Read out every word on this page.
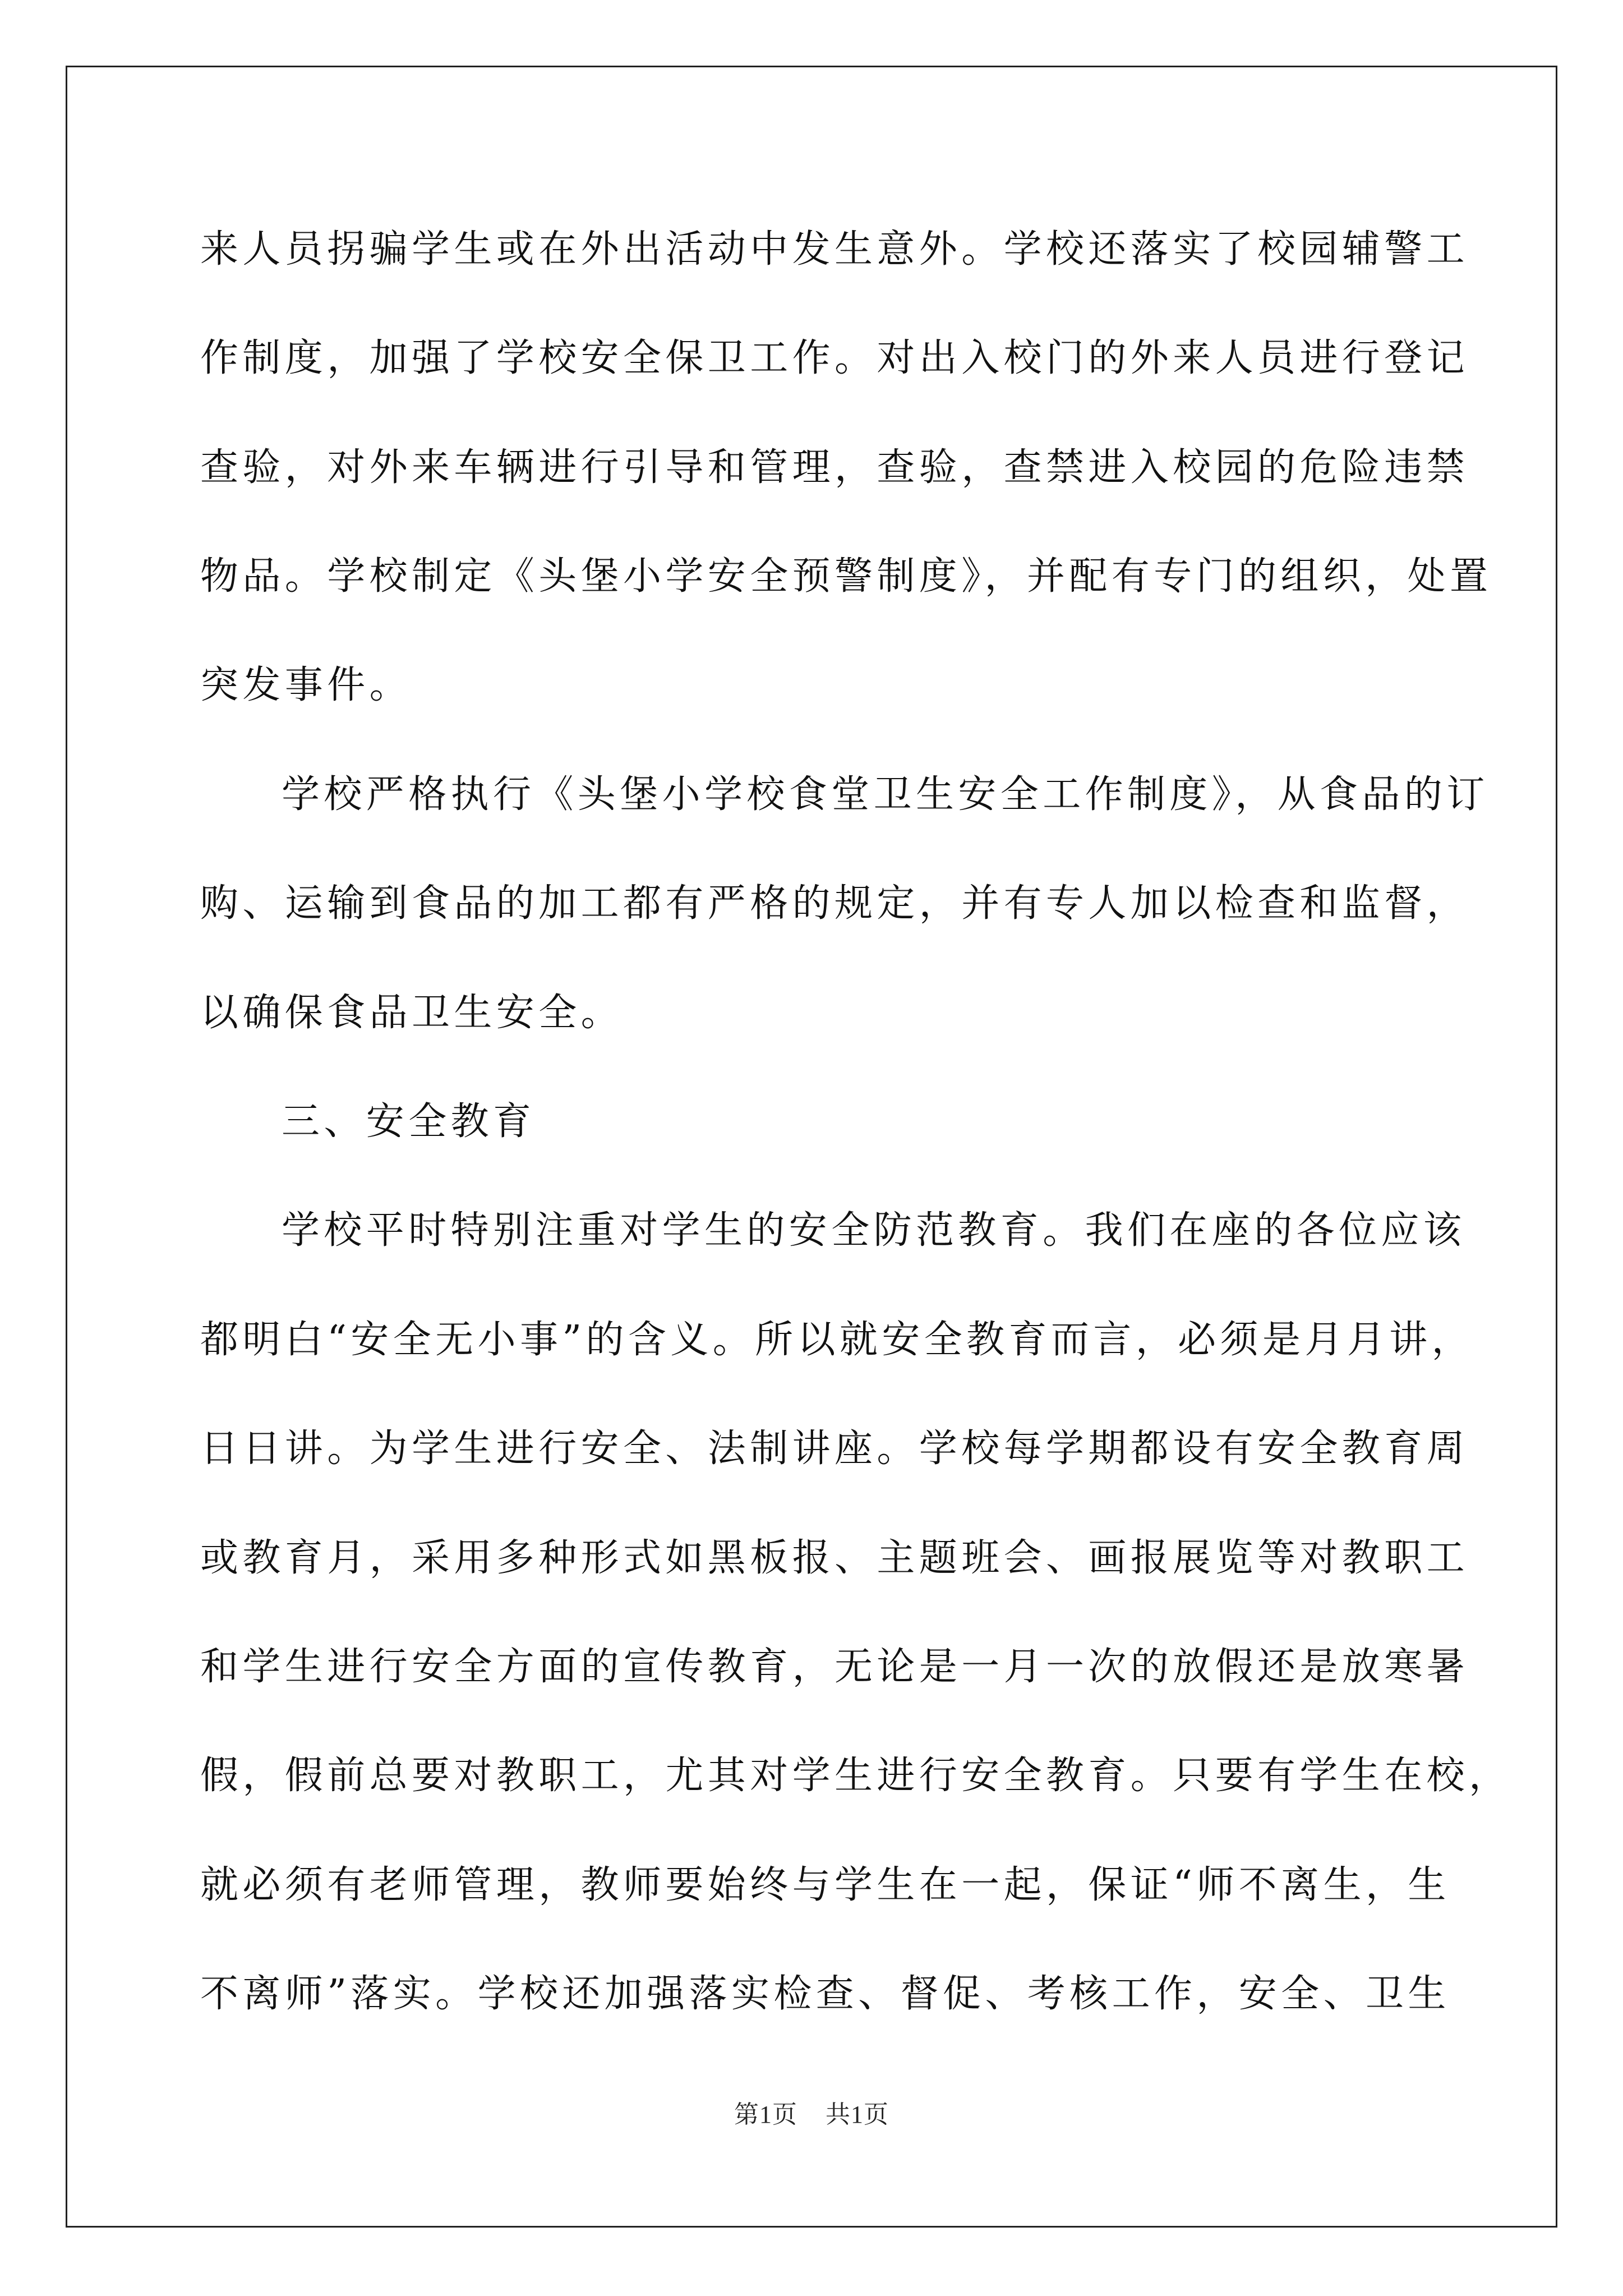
来人员拐骗学生或在外出活动中发生意外。学校还落实了校园辅警工
作制度，加强了学校安全保卫工作。对出入校门的外来人员进行登记
查验，对外来车辆进行引导和管理，查验，查禁进入校园的危险违禁
物品。学校制定《头堡小学安全预警制度》，并配有专门的组织，处置
突发事件。
学校严格执行《头堡小学校食堂卫生安全工作制度》，从食品的订
购、运输到食品的加工都有严格的规定，并有专人加以检查和监督，
以确保食品卫生安全。
三、安全教育
学校平时特别注重对学生的安全防范教育。我们在座的各位应该
都明白“安全无小事”的含义。所以就安全教育而言，必须是月月讲，
日日讲。为学生进行安全、法制讲座。学校每学期都设有安全教育周
或教育月，采用多种形式如黑板报、主题班会、画报展览等对教职工
和学生进行安全方面的宣传教育，无论是一月一次的放假还是放寒暑
假，假前总要对教职工，尤其对学生进行安全教育。只要有学生在校，
就必须有老师管理，教师要始终与学生在一起，保证“师不离生，生
不离师”落实。学校还加强落实检查、督促、考核工作，安全、卫生
第1页 共1页
